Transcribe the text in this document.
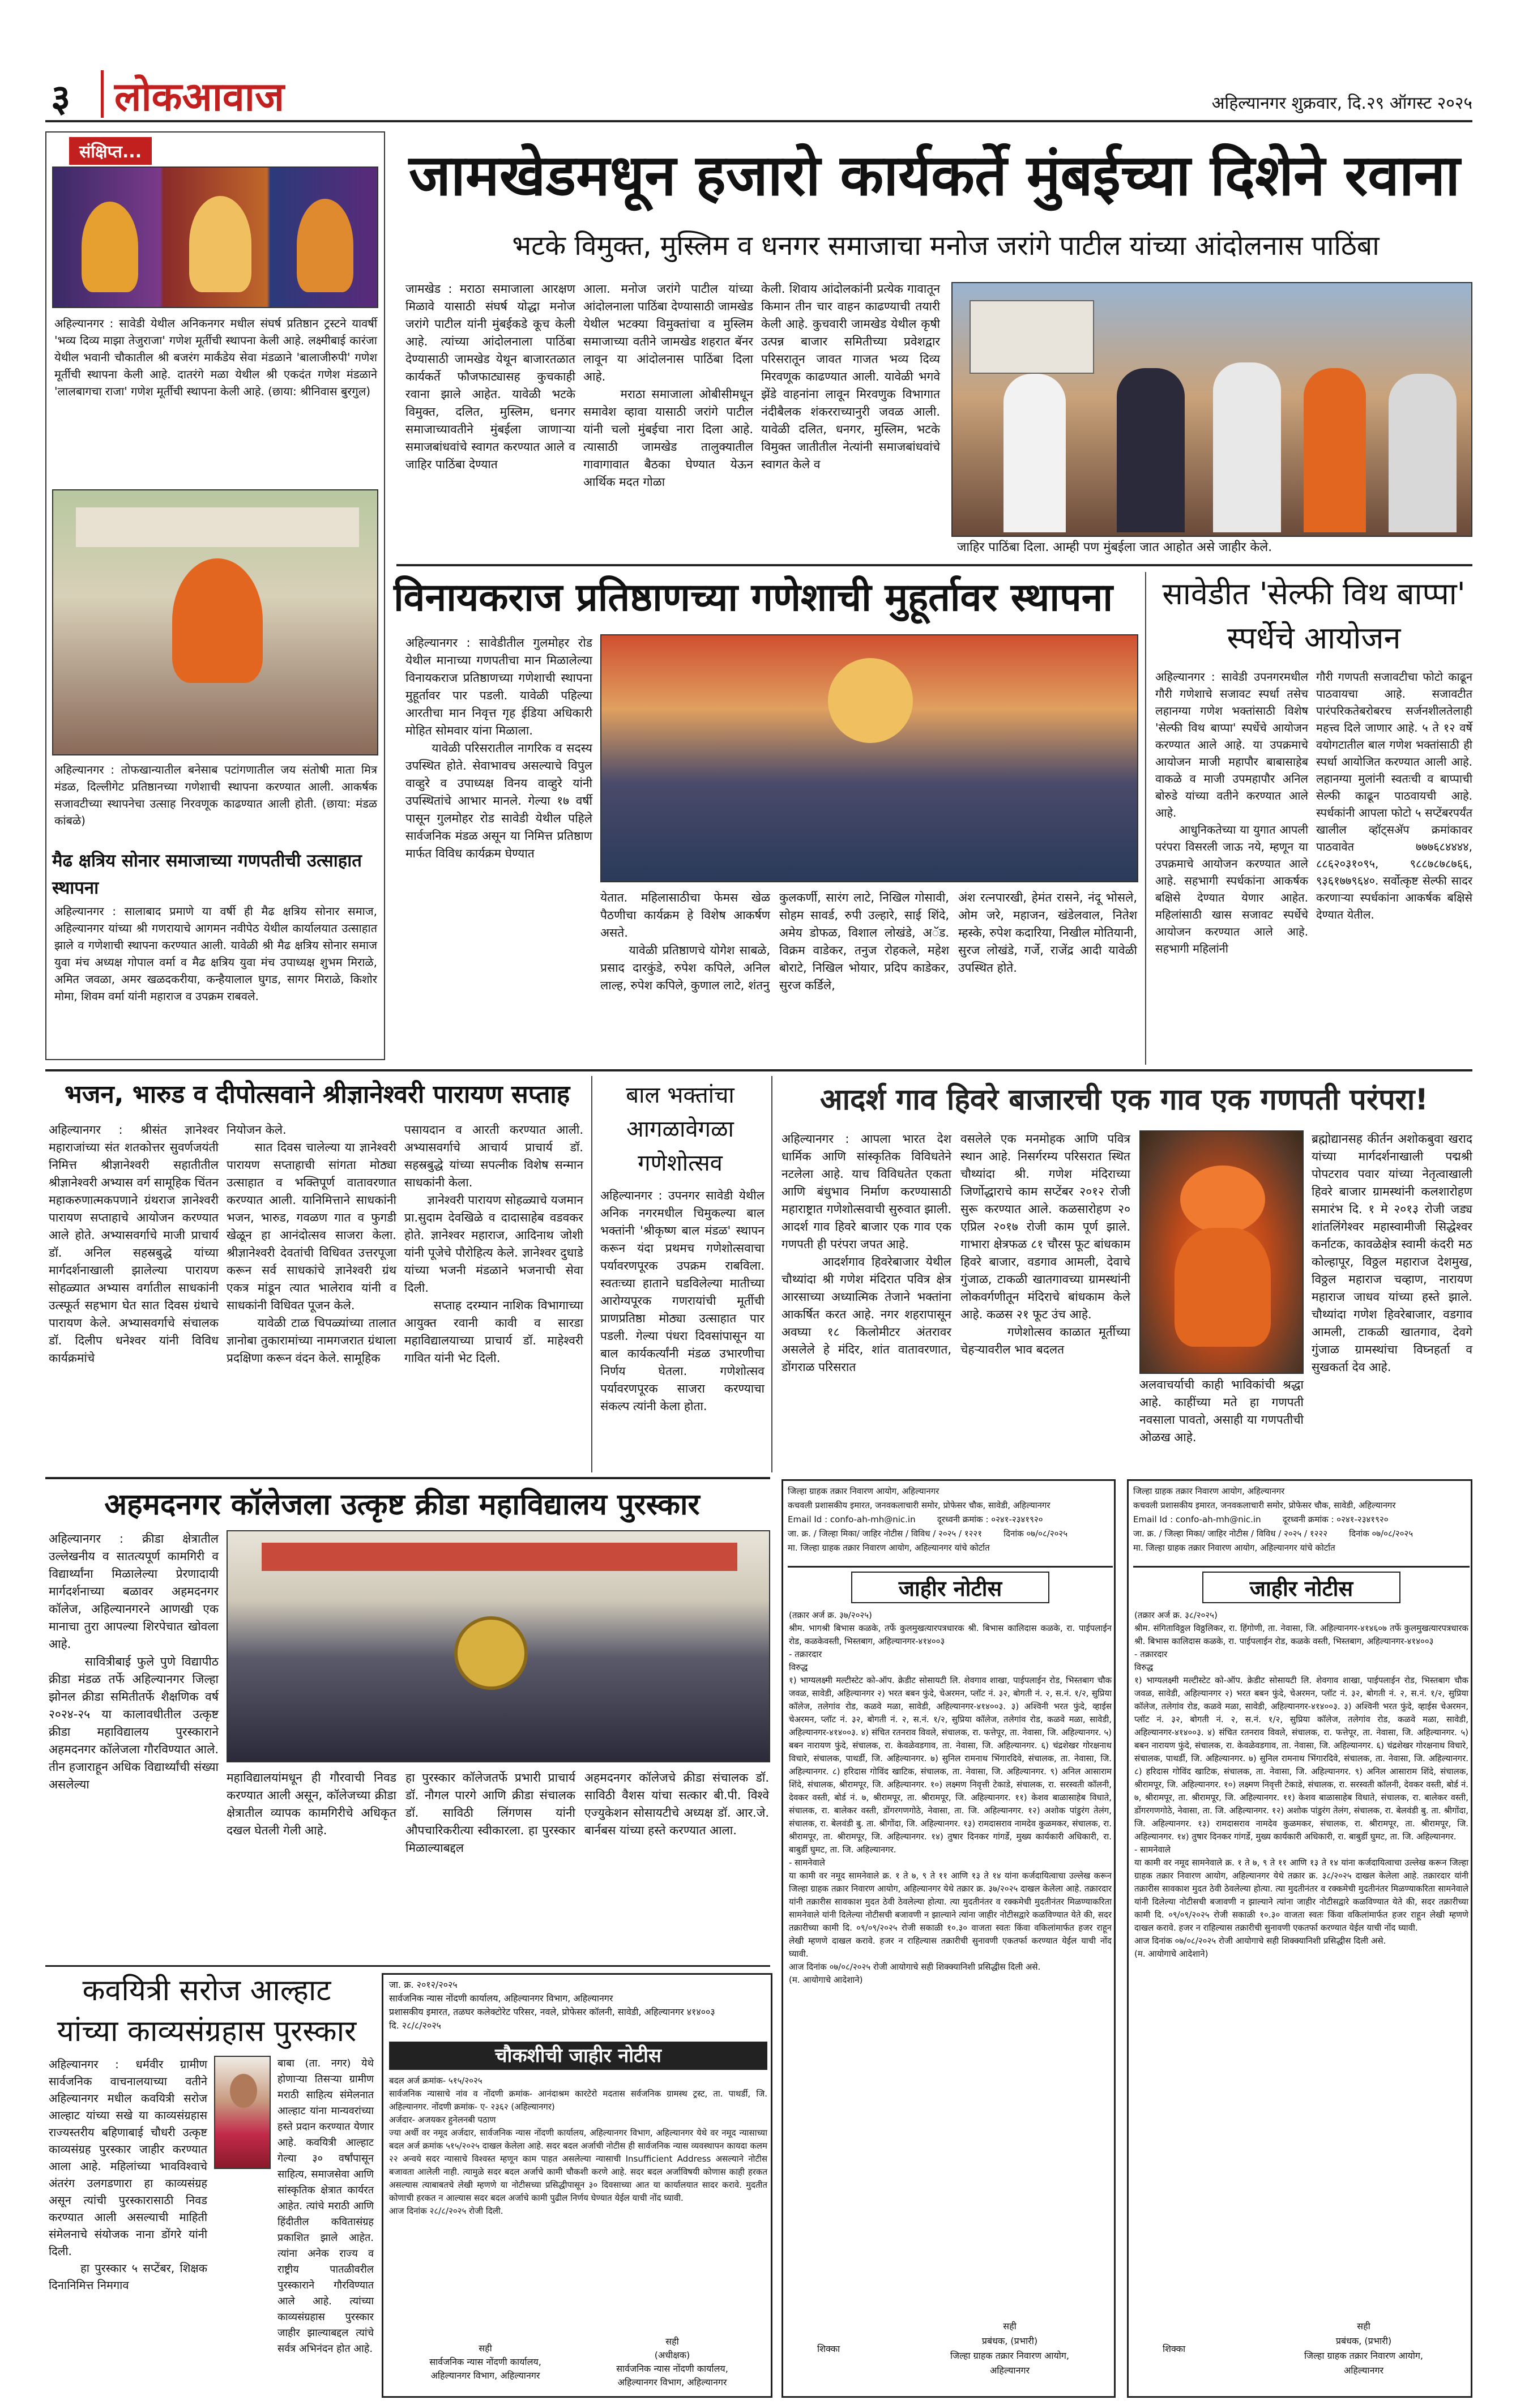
३ लोकआवाज	अहिल्यानगर शुक्रवार, दि.२९ ऑगस्ट २०२५
संक्षिप्त...
अहिल्यानगर : सावेडी येथील अनिकनगर मधील संघर्ष प्रतिष्ठान ट्रस्टने यावर्षी 'भव्य दिव्य माझा तेजुराजा' गणेश मूर्तीची स्थापना केली आहे. लक्ष्मीबाई कारंजा येथील भवानी चौकातील श्री बजरंग मार्कंडेय सेवा मंडळाने 'बालाजीरुपी' गणेश मूर्तीची स्थापना केली आहे. दातरंगे मळा येथील श्री एकदंत गणेश मंडळाने 'लालबागचा राजा' गणेश मूर्तीची स्थापना केली आहे. (छाया: श्रीनिवास बुरगुल)
अहिल्यानगर : तोफखान्यातील बनेसाब पटांगणातील जय संतोषी माता मित्र मंडळ, दिल्लीगेट प्रतिष्ठानच्या गणेशाची स्थापना करण्यात आली. आकर्षक सजावटीच्या स्थापनेचा उत्साह निरवणूक काढण्यात आली होती. (छाया: मंडळ कांबळे)
मैढ क्षत्रिय सोनार समाजाच्या गणपतीची उत्साहात स्थापना
अहिल्यानगर : सालाबाद प्रमाणे या वर्षी ही मैढ क्षत्रिय सोनार समाज, अहिल्यानगर यांच्या श्री गणरायाचे आगमन नवीपेठ येथील कार्यालयात उत्साहात झाले व गणेशाची स्थापना करण्यात आली. यावेळी श्री मैढ क्षत्रिय सोनार समाज युवा मंच अध्यक्ष गोपाल वर्मा व मैढ क्षत्रिय युवा मंच उपाध्यक्ष शुभम मिराळे, अमित जवळा, अमर खळदकरीया, कन्हैयालाल घुगड, सागर मिराळे, किशोर मोमा, शिवम वर्मा यांनी महाराज व उपक्रम राबवले.
जामखेडमधून हजारो कार्यकर्ते मुंबईच्या दिशेने रवाना
भटके विमुक्त, मुस्लिम व धनगर समाजाचा मनोज जरांगे पाटील यांच्या आंदोलनास पाठिंबा
जामखेड : मराठा समाजाला आरक्षण मिळावे यासाठी संघर्ष योद्धा मनोज जरांगे पाटील यांनी मुंबईकडे कूच केली आहे. त्यांच्या आंदोलनाला पाठिंबा देण्यासाठी जामखेड येथून बाजारतळात कार्यकर्ते फौजफाट्यासह कुचकाही रवाना झाले आहेत. यावेळी भटके विमुक्त, दलित, मुस्लिम, धनगर समाजाच्यावतीने मुंबईला जाणाऱ्या समाजबांधवांचे स्वागत करण्यात आले व जाहिर पाठिंबा देण्यात
आला. मनोज जरांगे पाटील यांच्या आंदोलनाला पाठिंबा देण्यासाठी जामखेड येथील भटक्या विमुक्तांचा व मुस्लिम समाजाच्या वतीने जामखेड शहरात बॅनर लावून या आंदोलनास पाठिंबा दिला आहे.
मराठा समाजाला ओबीसीमधून समावेश व्हावा यासाठी जरांगे पाटील यांनी चलो मुंबईचा नारा दिला आहे. त्यासाठी जामखेड तालुक्यातील गावागावात बैठका घेण्यात येऊन आर्थिक मदत गोळा
केली. शिवाय आंदोलकांनी प्रत्येक गावातून किमान तीन चार वाहन काढण्याची तयारी केली आहे. कुचवारी जामखेड येथील कृषी उत्पन्न बाजार समितीच्या प्रवेशद्वार परिसरातून जावत गाजत भव्य दिव्य मिरवणूक काढण्यात आली. यावेळी भगवे झेंडे वाहनांना लावून मिरवणुक विभागात नंदीबैलक शंकरराच्यानुरी जवळ आली. यावेळी दलित, धनगर, मुस्लिम, भटके विमुक्त जातीतील नेत्यांनी समाजबांधवांचे स्वागत केले व
जाहिर पाठिंबा दिला. आम्ही पण मुंबईला जात आहोत असे जाहीर केले.
विनायकराज प्रतिष्ठाणच्या गणेशाची मुहूर्तावर स्थापना
अहिल्यानगर : सावेडीतील गुलमोहर रोड येथील मानाच्या गणपतीचा मान मिळालेल्या विनायकराज प्रतिष्ठाणच्या गणेशाची स्थापना मुहूर्तावर पार पडली. यावेळी पहिल्या आरतीचा मान निवृत्त गृह ईडिया अधिकारी मोहित सोमवार यांना मिळाला.
यावेळी परिसरातील नागरिक व सदस्य उपस्थित होते. सेवाभावच असल्याचे विपुल वाव्हुरे व उपाध्यक्ष विनय वाव्हुरे यांनी उपस्थितांचे आभार मानले. गेल्या १७ वर्षी पासून गुलमोहर रोड सावेडी येथील पहिले सार्वजनिक मंडळ असून या निमित्त प्रतिष्ठाण मार्फत विविध कार्यक्रम घेण्यात
येतात. महिलासाठीचा फेमस खेळ पैठणीचा कार्यक्रम हे विशेष आकर्षण असते.
यावेळी प्रतिष्ठाणचे योगेश साबळे, प्रसाद दारकुंडे, रुपेश कपिले, अनिल लाल्ह, रुपेश कपिले, कुणाल लाटे, शंतनु
कुलकर्णी, सारंग लाटे, निखिल गोसावी, सोहम सावर्ड, रुपी उल्हारे, साई शिंदे, अमेय डोफळ, विशाल लोखंडे, अॅड. विक्रम वाडेकर, तनुज रोहकले, महेश बोराटे, निखिल भोयार, प्रदिप काडेकर, सुरज कर्डिले,
अंश रत्नपारखी, हेमंत रासने, नंदू भोसले, ओम जरे, महाजन, खंडेलवाल, नितेश म्हस्के, रुपेश कदारिया, निखील मोतियानी, सुरज लोखंडे, गर्जे, राजेंद्र आदी यावेळी उपस्थित होते.
सावेडीत 'सेल्फी विथ बाप्पा' स्पर्धेचे आयोजन
अहिल्यानगर : सावेडी उपनगरमधील गौरी गणेशाचे सजावट स्पर्धा तसेच लहानग्या गणेश भक्तांसाठी विशेष 'सेल्फी विथ बाप्पा' स्पर्धेचे आयोजन करण्यात आले आहे. या उपक्रमाचे आयोजन माजी महापौर बाबासाहेब वाकळे व माजी उपमहापौर अनिल बोरुडे यांच्या वतीने करण्यात आले आहे.
आधुनिकतेच्या या युगात आपली परंपरा विसरली जाऊ नये, म्हणून या उपक्रमाचे आयोजन करण्यात आले आहे. सहभागी स्पर्धकांना आकर्षक बक्षिसे देण्यात येणार आहेत. महिलांसाठी खास सजावट स्पर्धेचे आयोजन करण्यात आले आहे. सहभागी महिलांनी
गौरी गणपती सजावटीचा फोटो काढून पाठवायचा आहे. सजावटीत पारंपरिकतेबरोबरच सर्जनशीलतेलाही महत्त्व दिले जाणार आहे. ५ ते १२ वर्षे वयोगटातील बाल गणेश भक्तांसाठी ही स्पर्धा आयोजित करण्यात आली आहे. लहानग्या मुलांनी स्वतःची व बाप्पाची सेल्फी काढून पाठवायची आहे. स्पर्धकांनी आपला फोटो ५ सप्टेंबरपर्यंत खालील व्हॉट्सअ‍ॅप क्रमांकावर पाठवावेत ७७७६८४४४४, ८८६२०३१०९५, ९८८७८७८७६६, ९३६१७७९६४०. सर्वोत्कृष्ट सेल्फी सादर करणाऱ्या स्पर्धकांना आकर्षक बक्षिसे देण्यात येतील.
भजन, भारुड व दीपोत्सवाने श्रीज्ञानेश्वरी पारायण सप्ताह
अहिल्यानगर : श्रीसंत ज्ञानेश्वर महाराजांच्या संत शतकोत्तर सुवर्णजयंती निमित्त श्रीज्ञानेश्वरी सहातीतील श्रीज्ञानेश्वरी अभ्यास वर्ग सामूहिक चिंतन महाकरुणात्मकपणाने ग्रंथराज ज्ञानेश्वरी पारायण सप्ताहाचे आयोजन करण्यात आले होते. अभ्यासवर्गाचे माजी प्राचार्य डॉ. अनिल सहस्रबुद्धे यांच्या मार्गदर्शनाखाली झालेल्या पारायण सोहळ्यात अभ्यास वर्गातील साधकांनी उत्स्फूर्त सहभाग घेत सात दिवस ग्रंथाचे पारायण केले. अभ्यासवर्गाचे संचालक डॉ. दिलीप धनेश्वर यांनी विविध कार्यक्रमांचे
नियोजन केले.
सात दिवस चालेल्या या ज्ञानेश्वरी पारायण सप्ताहाची सांगता मोठ्या उत्साहात व भक्तिपूर्ण वातावरणात करण्यात आली. यानिमित्ताने साधकांनी भजन, भारुड, गवळण गात व फुगडी खेळून हा आनंदोत्सव साजरा केला. श्रीज्ञानेश्वरी देवतांची विधिवत उत्तरपूजा करून सर्व साधकांचे ज्ञानेश्वरी ग्रंथ एकत्र मांडून त्यात भालेराव यांनी व साधकांनी विधिवत पूजन केले.
यावेळी टाळ चिपळ्यांच्या तालात ज्ञानोबा तुकारामांच्या नामगजरात ग्रंथाला प्रदक्षिणा करून वंदन केले. सामूहिक
पसायदान व आरती करण्यात आली. अभ्यासवर्गाचे आचार्य प्राचार्य डॉ. सहस्रबुद्धे यांच्या सपत्नीक विशेष सन्मान साधकांनी केला.
ज्ञानेश्वरी पारायण सोहळ्याचे यजमान प्रा.सुदाम देवखिळे व दादासाहेब वडवकर होते. ज्ञानेश्वर महाराज, आदिनाथ जोशी यांनी पूजेचे पौरोहित्य केले. ज्ञानेश्वर दुधाडे यांच्या भजनी मंडळाने भजनाची सेवा दिली.
सप्ताह दरम्यान नाशिक विभागाच्या आयुक्त रवानी कावी व सारडा महाविद्यालयाच्या प्राचार्य डॉ. माहेश्वरी गावित यांनी भेट दिली.
बाल भक्तांचा आगळावेगळा गणेशोत्सव
अहिल्यानगर : उपनगर सावेडी येथील अनिक नगरमधील चिमुकल्या बाल भक्तांनी 'श्रीकृष्ण बाल मंडळ' स्थापन करून यंदा प्रथमच गणेशोत्सवाचा पर्यावरणपूरक उपक्रम राबविला. स्वतःच्या हाताने घडविलेल्या मातीच्या आरोग्यपूरक गणरायांची मूर्तीची प्राणप्रतिष्ठा मोठ्या उत्साहात पार पडली. गेल्या पंधरा दिवसांपासून या बाल कार्यकर्त्यांनी मंडळ उभारणीचा निर्णय घेतला. गणेशोत्सव पर्यावरणपूरक साजरा करण्याचा संकल्प त्यांनी केला होता.
आदर्श गाव हिवरे बाजारची एक गाव एक गणपती परंपरा!
अहिल्यानगर : आपला भारत देश धार्मिक आणि सांस्कृतिक विविधतेने नटलेला आहे. याच विविधतेत एकता आणि बंधुभाव निर्माण करण्यासाठी महाराष्ट्रात गणेशोत्सवाची सुरुवात झाली. आदर्श गाव हिवरे बाजार एक गाव एक गणपती ही परंपरा जपत आहे.
आदर्शगाव हिवरेबाजार येथील चौथ्यांदा श्री गणेश मंदिरात पवित्र क्षेत्र आरसाच्या अध्यात्मिक तेजाने भक्तांना आकर्षित करत आहे. नगर शहरापासून अवघ्या १८ किलोमीटर अंतरावर असलेले हे मंदिर, शांत वातावरणात, डोंगराळ परिसरात
वसलेले एक मनमोहक आणि पवित्र स्थान आहे. निसर्गरम्य परिसरात स्थित चौथ्यांदा श्री. गणेश मंदिराच्या जिर्णोद्धाराचे काम सप्टेंबर २०१२ रोजी सुरू करण्यात आले. कळसारोहण २० एप्रिल २०१७ रोजी काम पूर्ण झाले. गाभारा क्षेत्रफळ ८१ चौरस फूट बांधकाम हिवरे बाजार, वडगाव आमली, देवाचे गुंजाळ, टाकळी खातगावच्या ग्रामस्थांनी लोकवर्गणीतून मंदिराचे बांधकाम केले आहे. कळस २१ फूट उंच आहे.
गणेशोत्सव काळात मूर्तीच्या चेहऱ्यावरील भाव बदलत
अलवाचर्याची काही भाविकांची श्रद्धा आहे. काहींच्या मते हा गणपती नवसाला पावतो, असाही या गणपतीची ओळख आहे.
ब्रह्मोद्यानसह कीर्तन अशोकबुवा खराद यांच्या मार्गदर्शनाखाली पद्मश्री पोपटराव पवार यांच्या नेतृत्वाखाली हिवरे बाजार ग्रामस्थांनी कलशारोहण समारंभ दि. १ मे २०१३ रोजी जड्य शांतलिंगेश्वर महास्वामीजी सिद्धेश्वर कर्नाटक, कावळेक्षेत्र स्वामी कंदरी मठ कोल्हापूर, विठ्ठल महाराज देशमुख, विठ्ठल महाराज चव्हाण, नारायण महाराज जाधव यांच्या हस्ते झाले. चौथ्यांदा गणेश हिवरेबाजार, वडगाव आमली, टाकळी खातगाव, देवगे गुंजाळ ग्रामस्थांचा विघ्नहर्ता व सुखकर्ता देव आहे.
अहमदनगर कॉलेजला उत्कृष्ट क्रीडा महाविद्यालय पुरस्कार
अहिल्यानगर : क्रीडा क्षेत्रातील उल्लेखनीय व सातत्यपूर्ण कामगिरी व विद्यार्थ्यांना मिळालेल्या प्रेरणादायी मार्गदर्शनाच्या बळावर अहमदनगर कॉलेज, अहिल्यानगरने आणखी एक मानाचा तुरा आपल्या शिरपेचात खोवला आहे.
सावित्रीबाई फुले पुणे विद्यापीठ क्रीडा मंडळ तर्फे अहिल्यानगर जिल्हा झोनल क्रीडा समितीतर्फे शैक्षणिक वर्ष २०२४-२५ या कालावधीतील उत्कृष्ट क्रीडा महाविद्यालय पुरस्काराने अहमदनगर कॉलेजला गौरविण्यात आले. तीन हजाराहून अधिक विद्यार्थ्यांची संख्या असलेल्या	महाविद्यालयांमधून ही गौरवाची निवड करण्यात आली असून, कॉलेजच्या क्रीडा क्षेत्रातील व्यापक कामगिरीचे अधिकृत दखल घेतली गेली आहे.
हा पुरस्कार कॉलेजतर्फे प्रभारी प्राचार्य डॉ. नौगल पारगे आणि क्रीडा संचालक डॉ. साविठी लिंगणस यांनी औपचारिकरीत्या स्वीकारला. हा पुरस्कार मिळाल्याबद्दल
अहमदनगर कॉलेजचे क्रीडा संचालक डॉ. साविठी वैशस यांचा सत्कार बी.पी. विश्वे एज्युकेशन सोसायटीचे अध्यक्ष डॉ. आर.जे. बार्नबस यांच्या हस्ते करण्यात आला.
कवयित्री सरोज आल्हाट
यांच्या काव्यसंग्रहास पुरस्कार
अहिल्यानगर : धर्मवीर ग्रामीण सार्वजनिक वाचनालयाच्या वतीने अहिल्यानगर मधील कवयित्री सरोज आल्हाट यांच्या सखे या काव्यसंग्रहास राज्यस्तरीय बहिणाबाई चौधरी उत्कृष्ट काव्यसंग्रह पुरस्कार जाहीर करण्यात आला आहे. महिलांच्या भावविश्वाचे अंतरंग उलगडणारा हा काव्यसंग्रह असून त्यांची पुरस्कारासाठी निवड करण्यात आली असल्याची माहिती संमेलनाचे संयोजक नाना डोंगरे यांनी दिली.
हा पुरस्कार ५ सप्टेंबर, शिक्षक दिनानिमित्त निमगाव
बाबा (ता. नगर) येथे होणाऱ्या तिसऱ्या ग्रामीण मराठी साहित्य संमेलनात आल्हाट यांना मान्यवरांच्या हस्ते प्रदान करण्यात येणार आहे. कवयित्री आल्हाट गेल्या ३० वर्षांपासून साहित्य, समाजसेवा आणि सांस्कृतिक क्षेत्रात कार्यरत आहेत. त्यांचे मराठी आणि हिंदीतील कवितासंग्रह प्रकाशित झाले आहेत. त्यांना अनेक राज्य व राष्ट्रीय पातळीवरील पुरस्काराने गौरविण्यात आले आहे. त्यांच्या काव्यसंग्रहास पुरस्कार जाहीर झाल्याबद्दल त्यांचे सर्वत्र अभिनंदन होत आहे.
जा. क्र. २०१२/२०२५
सार्वजनिक न्यास नोंदणी कार्यालय, अहिल्यानगर विभाग, अहिल्यानगर
प्रशासकीय इमारत, तळघर कलेक्टोरेट परिसर, नवले, प्रोफेसर कॉलनी, सावेडी, अहिल्यानगर ४१४००३                         दि. २८/८/२०२५
चौकशीची जाहीर नोटीस
बदल अर्ज क्रमांक- ५१५/२०२५
सार्वजनिक न्यासाचे नांव व नोंदणी क्रमांक- आनंदाश्रम कारटेरो मदतास सर्वजनिक ग्रामस्थ ट्रस्ट, ता. पाथर्डी, जि. अहिल्यानगर. नोंदणी क्रमांक- ए- २३६२ (अहिल्यानगर)
अर्जदार- अजयकर हुनेलनबी पठाण
ज्या अर्थी वर नमूद अर्जदार, सार्वजनिक न्यास नोंदणी कार्यालय, अहिल्यानगर विभाग, अहिल्यानगर येथे वर नमूद न्यासाच्या बदल अर्ज क्रमांक ५१५/२०२५ दाखल केलेला आहे. सदर बदल अर्जाची नोटीस ही सार्वजनिक न्यास व्यवस्थापन कायदा कलम २२ अन्वये सदर न्यासाचे विश्वस्त म्हणून काम पाहत असलेल्या न्यासाची Insufficient Address असल्याने नोटीस बजावता आलेली नाही. त्यामुळे सदर बदल अर्जाचे कामी चौकशी करणे आहे. सदर बदल अर्जाविषयी कोणास काही हरकत असल्यास त्याबाबतचे लेखी म्हणणे या नोटीसच्या प्रसिद्धीपासून ३० दिवसाच्या आत या कार्यालयात सादर करावे. मुदतीत कोणाची हरकत न आल्यास सदर बदल अर्जाचे कामी पुढील निर्णय घेण्यात येईल याची नोंद घ्यावी.
आज दिनांक २८/८/२०२५ रोजी दिली.
सही
सार्वजनिक न्यास नोंदणी कार्यालय,
अहिल्यानगर विभाग, अहिल्यानगर
सही
(अधीक्षक)
सार्वजनिक न्यास नोंदणी कार्यालय,
अहिल्यानगर विभाग, अहिल्यानगर
जिल्हा ग्राहक तक्रार निवारण आयोग, अहिल्यानगर
कचवली प्रशासकीय इमारत, जनवकलाचारी समोर, प्रोफेसर चौक, सावेडी, अहिल्यानगर
Email Id : confo-ah-mh@nic.in        दूरध्वनी क्रमांक : ०२४१-२३४१९२०
जा. क्र. / जिल्हा मिका/ जाहिर नोटीस / विविध / २०२५ / १२२१        दिनांक ०७/०८/२०२५
मा. जिल्हा ग्राहक तक्रार निवारण आयोग, अहिल्यानगर यांचे कोर्टात
जाहीर नोटीस
(तक्रार अर्ज क्र. ३७/२०२५)
श्रीम. भागश्री बिभास कळके, तर्फे कुलमुखत्यारपत्रधारक श्री. बिभास कालिदास कळके, रा. पाईपलाईन रोड, कळकेवस्ती, भिस्तबाग, अहिल्यानगर-४१४००३
- तक्रारदार
विरुद्ध
१) भाग्यलक्ष्मी मल्टीस्टेट को-ऑप. क्रेडीट सोसायटी लि. शेवगाव शाखा, पाईपलाईन रोड, भिस्तबाग चौक जवळ, सावेडी, अहिल्यानगर २) भरत बबन फुंदे, चेअरमन, प्लॉट नं. ३२, बोगती नं. २, स.नं. १/२, सुप्रिया कॉलेज, तलेगांव रोड, कळवे मळा, सावेडी, अहिल्यानगर-४१४००३. ३) अश्विनी भरत फुंदे, व्हाईस चेअरमन, प्लॉट नं. ३२, बोगती नं. २, स.नं. १/२, सुप्रिया कॉलेज, तलेगांव रोड, कळवे मळा, सावेडी, अहिल्यानगर-४१४००३. ४) संचित रतनराव विवले, संचालक, रा. फत्तेपूर, ता. नेवासा, जि. अहिल्यानगर. ५) बबन नारायण फुंदे, संचालक, रा. केवळेवडगाव, ता. नेवासा, जि. अहिल्यानगर. ६) चंद्रशेखर गोरक्षनाथ विचारे, संचालक, पाथर्डी, जि. अहिल्यानगर. ७) सुनिल रामनाथ भिंगारदिवे, संचालक, ता. नेवासा, जि. अहिल्यानगर. ८) हरिदास गोविंद खाटिक, संचालक, ता. नेवासा, जि. अहिल्यानगर. ९) अनिल आसाराम शिंदे, संचालक, श्रीरामपूर, जि. अहिल्यानगर. १०) लक्ष्मण निवृत्ती टेकाडे, संचालक, रा. सरस्वती कॉलनी, देवकर वस्ती, बोर्ड नं. ७, श्रीरामपूर, ता. श्रीरामपूर, जि. अहिल्यानगर. ११) केशव बाळासाहेब विधाते, संचालक, रा. बालेकर वस्ती, डोंगरगणगोठे, नेवासा, ता. जि. अहिल्यानगर. १२) अशोक पांडुरंग तेलंग, संचालक, रा. बेलवंडी बु. ता. श्रीगोंदा, जि. अहिल्यानगर. १३) रामदासराव नामदेव कुळमकर, संचालक, रा. श्रीरामपूर, ता. श्रीरामपूर, जि. अहिल्यानगर. १४) तुषार दिनकर गांगर्डे, मुख्य कार्यकारी अधिकारी, रा. बाबुर्डी घुमट, ता. जि. अहिल्यानगर.
- सामनेवाले
या कामी वर नमूद सामनेवाले क्र. १ ते ७, ९ ते ११ आणि १३ ते १४ यांना कर्जदायित्वाचा उल्लेख करून जिल्हा ग्राहक तक्रार निवारण आयोग, अहिल्यानगर येथे तक्रार क्र. ३७/२०२५ दाखल केलेला आहे. तक्रारदार यांनी तक्रारीस सावकाश मुदत ठेवी ठेवलेल्या होत्या. त्या मुदतीनंतर व रक्कमेची मुदतीनंतर मिळण्याकरिता सामनेवाले यांनी दिलेल्या नोटीसची बजावणी न झाल्याने त्यांना जाहीर नोटीसद्वारे कळविण्यात येते की, सदर तक्रारीच्या कामी दि. ०९/०९/२०२५ रोजी सकाळी १०.३० वाजता स्वतः किंवा वकिलांमार्फत हजर राहून लेखी म्हणणे दाखल करावे. हजर न राहिल्यास तक्रारीची सुनावणी एकतर्फा करण्यात येईल याची नोंद घ्यावी.
आज दिनांक ०७/०८/२०२५ रोजी आयोगाचे सही शिक्क्यानिशी प्रसिद्धीस दिली असे.
(म. आयोगाचे आदेशाने)
शिक्का
सही
प्रबंधक, (प्रभारी)
जिल्हा ग्राहक तक्रार निवारण आयोग,
अहिल्यानगर
जिल्हा ग्राहक तक्रार निवारण आयोग, अहिल्यानगर
कचवली प्रशासकीय इमारत, जनवकलाचारी समोर, प्रोफेसर चौक, सावेडी, अहिल्यानगर
Email Id : confo-ah-mh@nic.in        दूरध्वनी क्रमांक : ०२४१-२३४१९२०
जा. क्र. / जिल्हा मिका/ जाहिर नोटीस / विविध / २०२५ / १२२२        दिनांक ०७/०८/२०२५
मा. जिल्हा ग्राहक तक्रार निवारण आयोग, अहिल्यानगर यांचे कोर्टात
जाहीर नोटीस
(तक्रार अर्ज क्र. ३८/२०२५)
श्रीम. संगिताविठ्ठल विठ्ठलिकर, रा. हिंगोणी, ता. नेवासा, जि. अहिल्यानगर-४१४६०७ तर्फे कुलमुखत्यारपत्रधारक श्री. बिभास कालिदास कळके, रा. पाईपलाईन रोड, कळके वस्ती, भिस्तबाग, अहिल्यानगर-४१४००३
- तक्रारदार
विरुद्ध
१) भाग्यलक्ष्मी मल्टीस्टेट को-ऑप. क्रेडीट सोसायटी लि. शेवगाव शाखा, पाईपलाईन रोड, भिस्तबाग चौक जवळ, सावेडी, अहिल्यानगर २) भरत बबन फुंदे, चेअरमन, प्लॉट नं. ३२, बोगती नं. २, स.नं. १/२, सुप्रिया कॉलेज, तलेगांव रोड, कळवे मळा, सावेडी, अहिल्यानगर-४१४००३. ३) अश्विनी भरत फुंदे, व्हाईस चेअरमन, प्लॉट नं. ३२, बोगती नं. २, स.नं. १/२, सुप्रिया कॉलेज, तलेगांव रोड, कळवे मळा, सावेडी, अहिल्यानगर-४१४००३. ४) संचित रतनराव विवले, संचालक, रा. फत्तेपूर, ता. नेवासा, जि. अहिल्यानगर. ५) बबन नारायण फुंदे, संचालक, रा. केवळेवडगाव, ता. नेवासा, जि. अहिल्यानगर. ६) चंद्रशेखर गोरक्षनाथ विचारे, संचालक, पाथर्डी, जि. अहिल्यानगर. ७) सुनिल रामनाथ भिंगारदिवे, संचालक, ता. नेवासा, जि. अहिल्यानगर. ८) हरिदास गोविंद खाटिक, संचालक, ता. नेवासा, जि. अहिल्यानगर. ९) अनिल आसाराम शिंदे, संचालक, श्रीरामपूर, जि. अहिल्यानगर. १०) लक्ष्मण निवृत्ती टेकाडे, संचालक, रा. सरस्वती कॉलनी, देवकर वस्ती, बोर्ड नं. ७, श्रीरामपूर, ता. श्रीरामपूर, जि. अहिल्यानगर. ११) केशव बाळासाहेब विधाते, संचालक, रा. बालेकर वस्ती, डोंगरगणगोठे, नेवासा, ता. जि. अहिल्यानगर. १२) अशोक पांडुरंग तेलंग, संचालक, रा. बेलवंडी बु. ता. श्रीगोंदा, जि. अहिल्यानगर. १३) रामदासराव नामदेव कुळमकर, संचालक, रा. श्रीरामपूर, ता. श्रीरामपूर, जि. अहिल्यानगर. १४) तुषार दिनकर गांगर्डे, मुख्य कार्यकारी अधिकारी, रा. बाबुर्डी घुमट, ता. जि. अहिल्यानगर.
- सामनेवाले
या कामी वर नमूद सामनेवाले क्र. १ ते ७, ९ ते ११ आणि १३ ते १४ यांना कर्जदायित्वाचा उल्लेख करून जिल्हा ग्राहक तक्रार निवारण आयोग, अहिल्यानगर येथे तक्रार क्र. ३८/२०२५ दाखल केलेला आहे. तक्रारदार यांनी तक्रारीस सावकाश मुदत ठेवी ठेवलेल्या होत्या. त्या मुदतीनंतर व रक्कमेची मुदतीनंतर मिळण्याकरिता सामनेवाले यांनी दिलेल्या नोटीसची बजावणी न झाल्याने त्यांना जाहीर नोटीसद्वारे कळविण्यात येते की, सदर तक्रारीच्या कामी दि. ०९/०९/२०२५ रोजी सकाळी १०.३० वाजता स्वतः किंवा वकिलांमार्फत हजर राहून लेखी म्हणणे दाखल करावे. हजर न राहिल्यास तक्रारीची सुनावणी एकतर्फा करण्यात येईल याची नोंद घ्यावी.
आज दिनांक ०७/०८/२०२५ रोजी आयोगाचे सही शिक्क्यानिशी प्रसिद्धीस दिली असे.
(म. आयोगाचे आदेशाने)
शिक्का
सही
प्रबंधक, (प्रभारी)
जिल्हा ग्राहक तक्रार निवारण आयोग,
अहिल्यानगर
